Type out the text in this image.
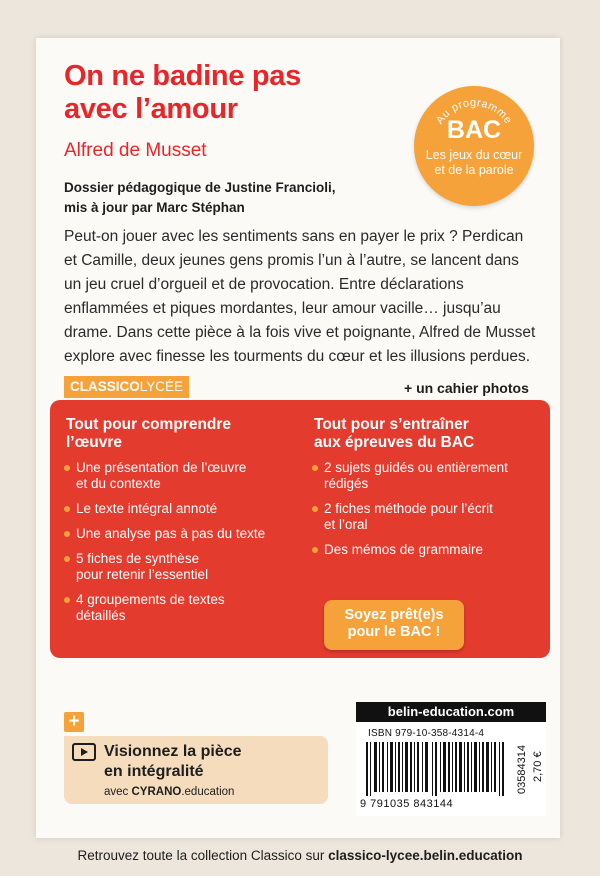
On ne badine pas
avec l’amour
Alfred de Musset
Dossier pédagogique de Justine Francioli,
mis à jour par Marc Stéphan
Au programme
BAC
Les jeux du cœur
et de la parole
Peut-on jouer avec les sentiments sans en payer le prix ? Perdican et Camille, deux jeunes gens promis l’un à l’autre, se lancent dans un jeu cruel d’orgueil et de provocation. Entre déclarations enflammées et piques mordantes, leur amour vacille… jusqu’au drame. Dans cette pièce à la fois vive et poignante, Alfred de Musset explore avec finesse les tourments du cœur et les illusions perdues.
CLASSICOLYCÉE	+ un cahier photos
Tout pour comprendre
l’œuvre
Une présentation de l’œuvre
et du contexte
Le texte intégral annoté
Une analyse pas à pas du texte
5 fiches de synthèse
pour retenir l’essentiel
4 groupements de textes
détaillés
Tout pour s’entraîner
aux épreuves du BAC
2 sujets guidés ou entièrement
rédigés
2 fiches méthode pour l’écrit
et l’oral
Des mémos de grammaire
Soyez prêt(e)s
pour le BAC !
+
Visionnez la pièce
en intégralité
avec CYRANO.education
belin-education.com
ISBN 979-10-358-4314-4
9 791035 843144
03584314 2,70 €
Retrouvez toute la collection Classico sur classico-lycee.belin.education
